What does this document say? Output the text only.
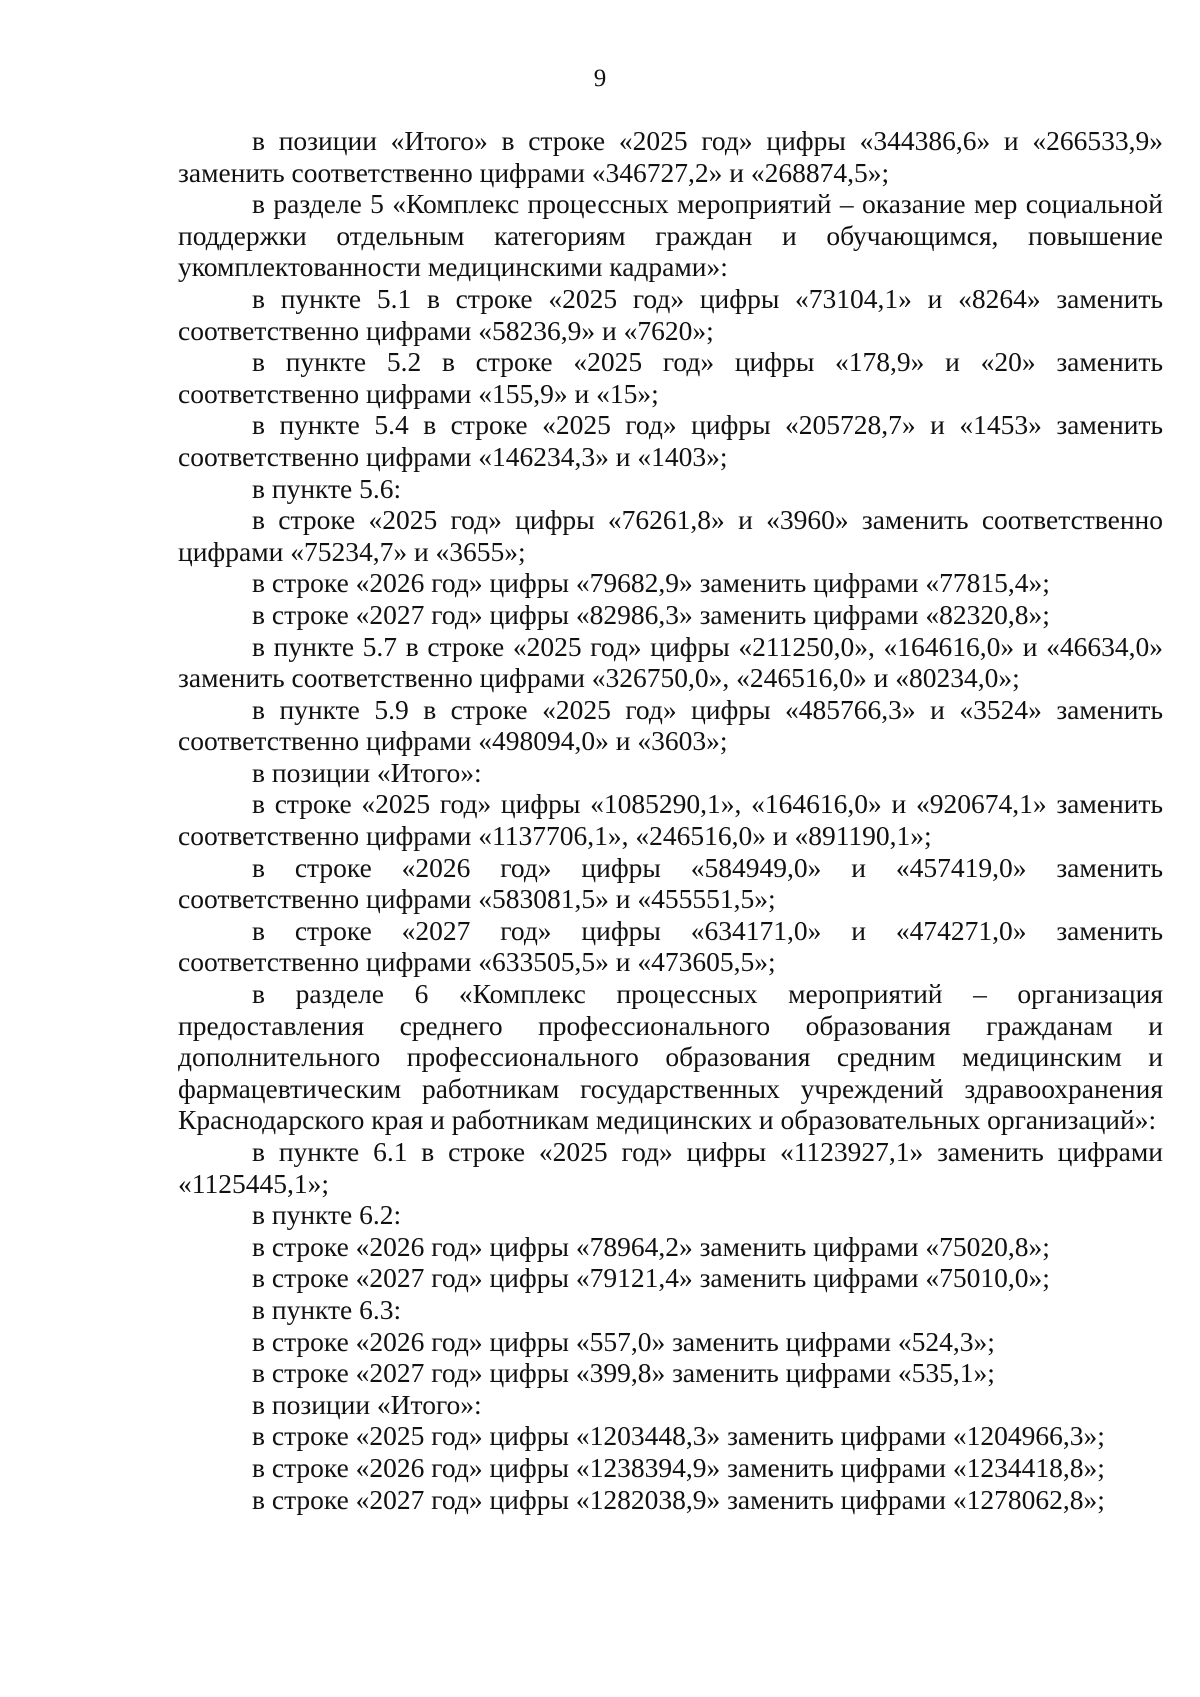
9

в позиции «Итого» в строке «2025 год» цифры «344386,6» и «266533,9» заменить соответственно цифрами «346727,2» и «268874,5»;

в разделе 5 «Комплекс процессных мероприятий – оказание мер социальной поддержки отдельным категориям граждан и обучающимся, повышение укомплектованности медицинскими кадрами»:

в пункте 5.1 в строке «2025 год» цифры «73104,1» и «8264» заменить соответственно цифрами «58236,9» и «7620»;

в пункте 5.2 в строке «2025 год» цифры «178,9» и «20» заменить соответственно цифрами «155,9» и «15»;

в пункте 5.4 в строке «2025 год» цифры «205728,7» и «1453» заменить соответственно цифрами «146234,3» и «1403»;

в пункте 5.6:

в строке «2025 год» цифры «76261,8» и «3960» заменить соответственно цифрами «75234,7» и «3655»;

в строке «2026 год» цифры «79682,9» заменить цифрами «77815,4»;

в строке «2027 год» цифры «82986,3» заменить цифрами «82320,8»;

в пункте 5.7 в строке «2025 год» цифры «211250,0», «164616,0» и «46634,0» заменить соответственно цифрами «326750,0», «246516,0» и «80234,0»;

в пункте 5.9 в строке «2025 год» цифры «485766,3» и «3524» заменить соответственно цифрами «498094,0» и «3603»;

в позиции «Итого»:

в строке «2025 год» цифры «1085290,1», «164616,0» и «920674,1» заменить соответственно цифрами «1137706,1», «246516,0» и «891190,1»;

в строке «2026 год» цифры «584949,0» и «457419,0» заменить соответственно цифрами «583081,5» и «455551,5»;

в строке «2027 год» цифры «634171,0» и «474271,0» заменить соответственно цифрами «633505,5» и «473605,5»;

в разделе 6 «Комплекс процессных мероприятий – организация предоставления среднего профессионального образования гражданам и дополнительного профессионального образования средним медицинским и фармацевтическим работникам государственных учреждений здравоохранения Краснодарского края и работникам медицинских и образовательных организаций»:

в пункте 6.1 в строке «2025 год» цифры «1123927,1» заменить цифрами «1125445,1»;

в пункте 6.2:

в строке «2026 год» цифры «78964,2» заменить цифрами «75020,8»;

в строке «2027 год» цифры «79121,4» заменить цифрами «75010,0»;

в пункте 6.3:

в строке «2026 год» цифры «557,0» заменить цифрами «524,3»;

в строке «2027 год» цифры «399,8» заменить цифрами «535,1»;

в позиции «Итого»:

в строке «2025 год» цифры «1203448,3» заменить цифрами «1204966,3»;

в строке «2026 год» цифры «1238394,9» заменить цифрами «1234418,8»;

в строке «2027 год» цифры «1282038,9» заменить цифрами «1278062,8»;
